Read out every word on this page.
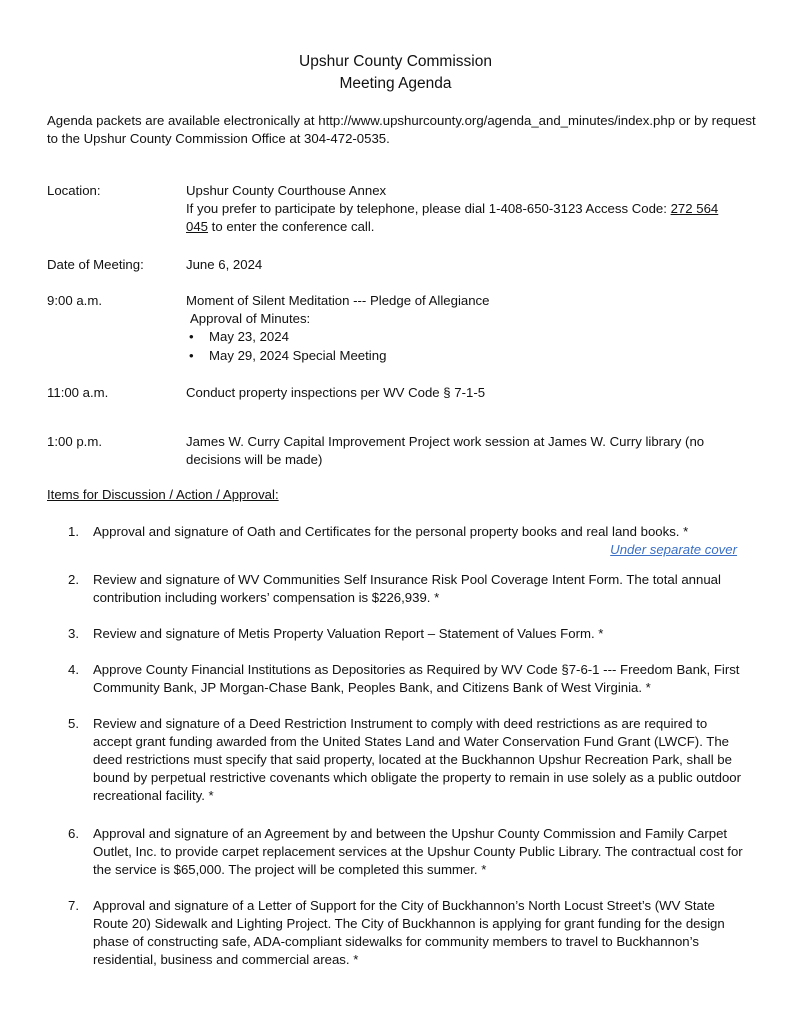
Upshur County Commission
Meeting Agenda
Agenda packets are available electronically at http://www.upshurcounty.org/agenda_and_minutes/index.php or by request to the Upshur County Commission Office at 304-472-0535.
Location:	Upshur County Courthouse Annex
If you prefer to participate by telephone, please dial 1-408-650-3123 Access Code: 272 564
045 to enter the conference call.
Date of Meeting:	June 6, 2024
9:00 a.m.	Moment of Silent Meditation --- Pledge of Allegiance
Approval of Minutes:
• May 23, 2024
• May 29, 2024 Special Meeting
11:00 a.m.	Conduct property inspections per WV Code § 7-1-5
1:00 p.m.	James W. Curry Capital Improvement Project work session at James W. Curry library (no decisions will be made)
Items for Discussion / Action / Approval:
1. Approval and signature of Oath and Certificates for the personal property books and real land books. *
Under separate cover
2. Review and signature of WV Communities Self Insurance Risk Pool Coverage Intent Form. The total annual contribution including workers’ compensation is $226,939. *
3. Review and signature of Metis Property Valuation Report – Statement of Values Form. *
4. Approve County Financial Institutions as Depositories as Required by WV Code §7-6-1 --- Freedom Bank, First Community Bank, JP Morgan-Chase Bank, Peoples Bank, and Citizens Bank of West Virginia. *
5. Review and signature of a Deed Restriction Instrument to comply with deed restrictions as are required to accept grant funding awarded from the United States Land and Water Conservation Fund Grant (LWCF). The deed restrictions must specify that said property, located at the Buckhannon Upshur Recreation Park, shall be bound by perpetual restrictive covenants which obligate the property to remain in use solely as a public outdoor recreational facility. *
6. Approval and signature of an Agreement by and between the Upshur County Commission and Family Carpet Outlet, Inc. to provide carpet replacement services at the Upshur County Public Library. The contractual cost for the service is $65,000. The project will be completed this summer. *
7. Approval and signature of a Letter of Support for the City of Buckhannon’s North Locust Street’s (WV State Route 20) Sidewalk and Lighting Project. The City of Buckhannon is applying for grant funding for the design phase of constructing safe, ADA-compliant sidewalks for community members to travel to Buckhannon’s residential, business and commercial areas. *
